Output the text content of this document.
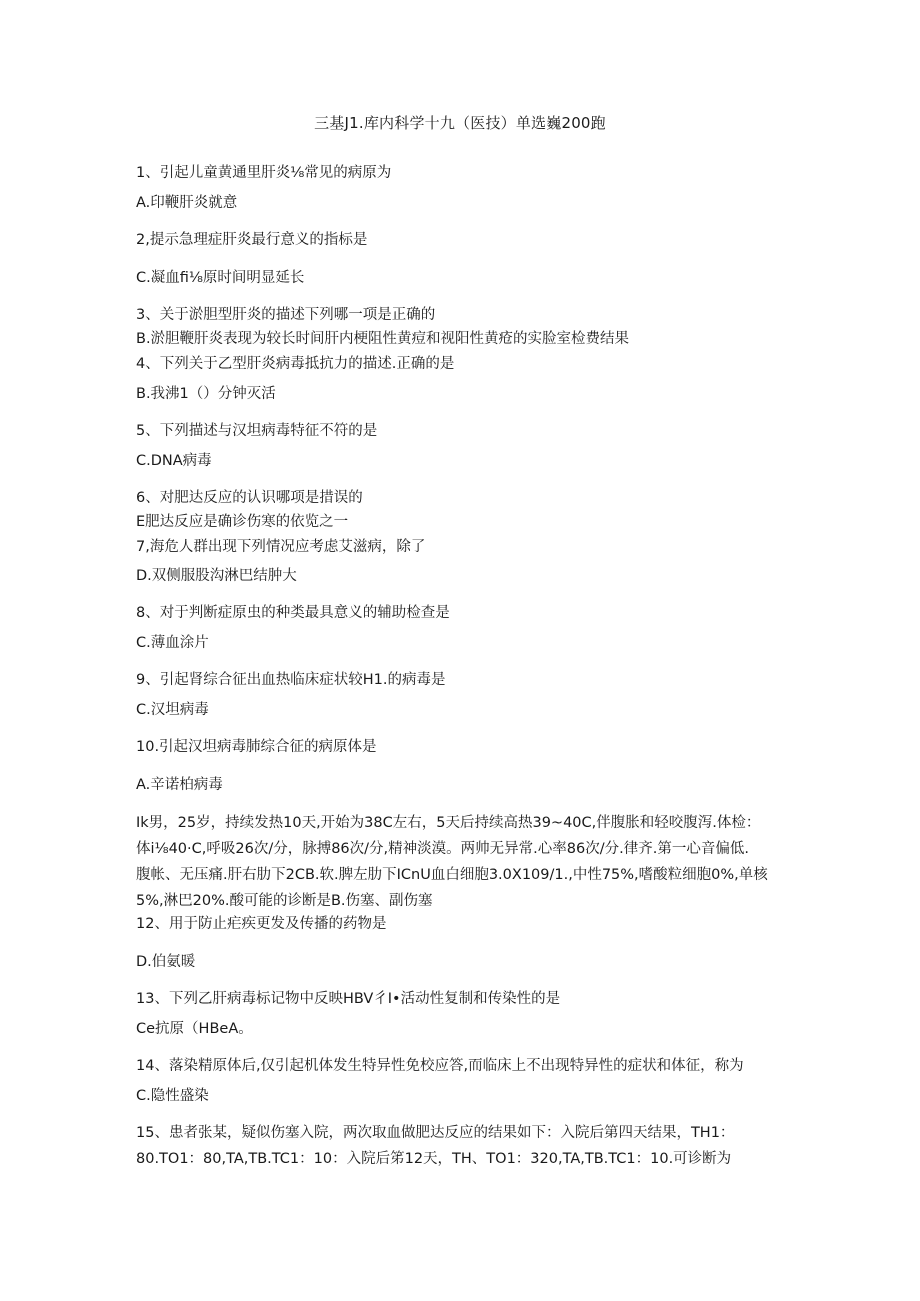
三基J1.库内科学十九（医技）单选巍200跑
1、引起儿童黄通里肝炎⅛常见的病原为
A.印鞭肝炎就意
2,提示急理症肝炎最行意义的指标是
C.凝血fi⅛原时间明显延长
3、关于淤胆型肝炎的描述下列哪一项是正确的
B.淤胆鞭肝炎表现为较长时间肝内梗阻性黄痘和视阳性黄疮的实脸室检费结果
4、下列关于乙型肝炎病毒抵抗力的描述.正确的是
B.我沸1（）分钟灭活
5、下列描述与汉坦病毒特征不符的是
C.DNA病毒
6、对肥达反应的认识哪项是措误的
E肥达反应是确诊伤寒的依览之一
7,海危人群出现下列情况应考虑艾滋病，除了
D.双侧服股沟淋巴结肿大
8、对于判断症原虫的种类最具意义的辅助检查是
C.薄血涂片
9、引起肾综合征出血热临床症状较H1.的病毒是
C.汉坦病毒
10.引起汉坦病毒肺综合征的病原体是
A.辛诺柏病毒
Ik男，25岁，持续发热10天,开始为38C左右，5天后持续高热39~40C,伴腹胀和轻咬腹泻.体检：
体i⅛40·C,呼吸26次/分，脉搏86次/分,精神淡漠。两帅无异常.心率86次/分.律齐.第一心音偏低.
腹帐、无压痛.肝右肋下2CB.软.脾左肋下ICnU血白细胞3.0X109/1.,中性75%,嗜酸粒细胞0%,单核
5%,淋巴20%.酸可能的诊断是B.伤塞、副伤塞
12、用于防止疟疾更发及传播的药物是
D.伯氨暖
13、下列乙肝病毒标记物中反映HBV彳I•活动性复制和传染性的是
Ce抗原（HBeA。
14、落染精原体后,仅引起机体发生特异性免校应答,而临床上不出现特异性的症状和体征，称为
C.隐性盛染
15、患者张某，疑似伤塞入院，两次取血做肥达反应的结果如下：入院后第四天结果，TH1：
80.TO1：80,TA,TB.TC1：10：入院后笫12天，TH、TO1：320,TA,TB.TC1：10.可诊断为
